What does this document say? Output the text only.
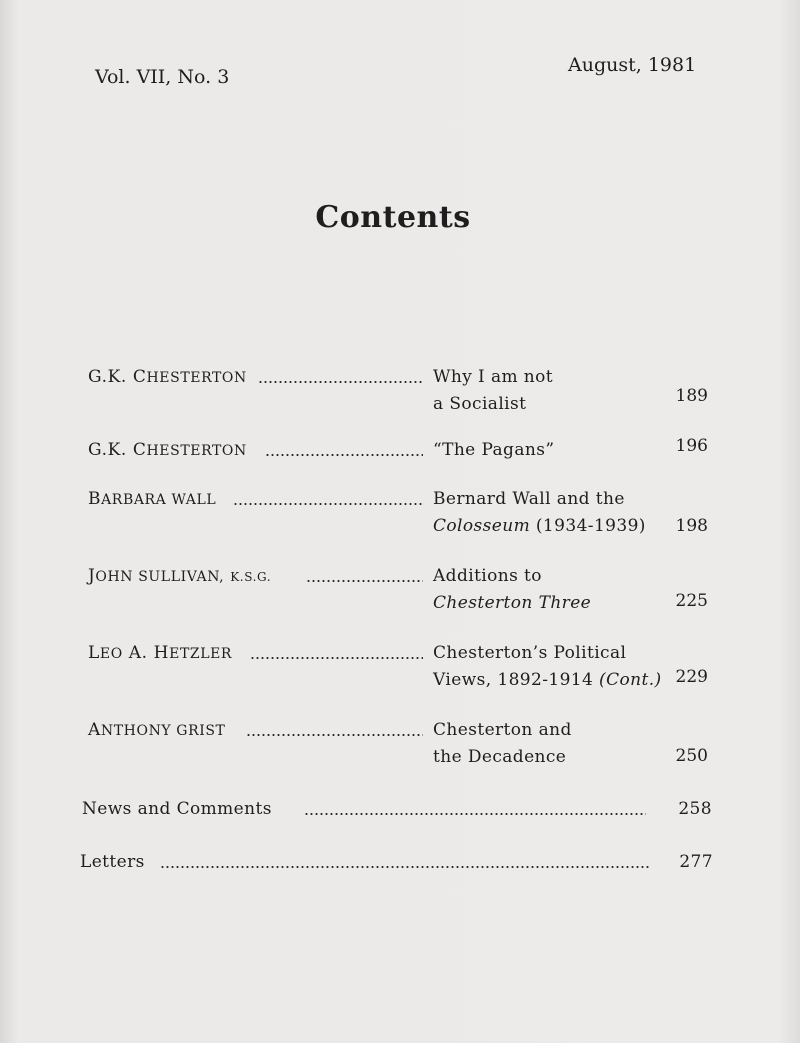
Vol. VII, No. 3
August, 1981
Contents
G.K. CHESTERTON	Why I am not
a Socialist	189
G.K. CHESTERTON	“The Pagans”	196
BARBARA WALL	Bernard Wall and the
Colosseum (1934-1939) 198
JOHN SULLIVAN, K.S.G.	Additions to
Chesterton Three	225
LEO A. HETZLER	Chesterton’s Political
Views, 1892-1914 (Cont.) 229
ANTHONY GRIST	Chesterton and
the Decadence	250
News and Comments	258
Letters	277
